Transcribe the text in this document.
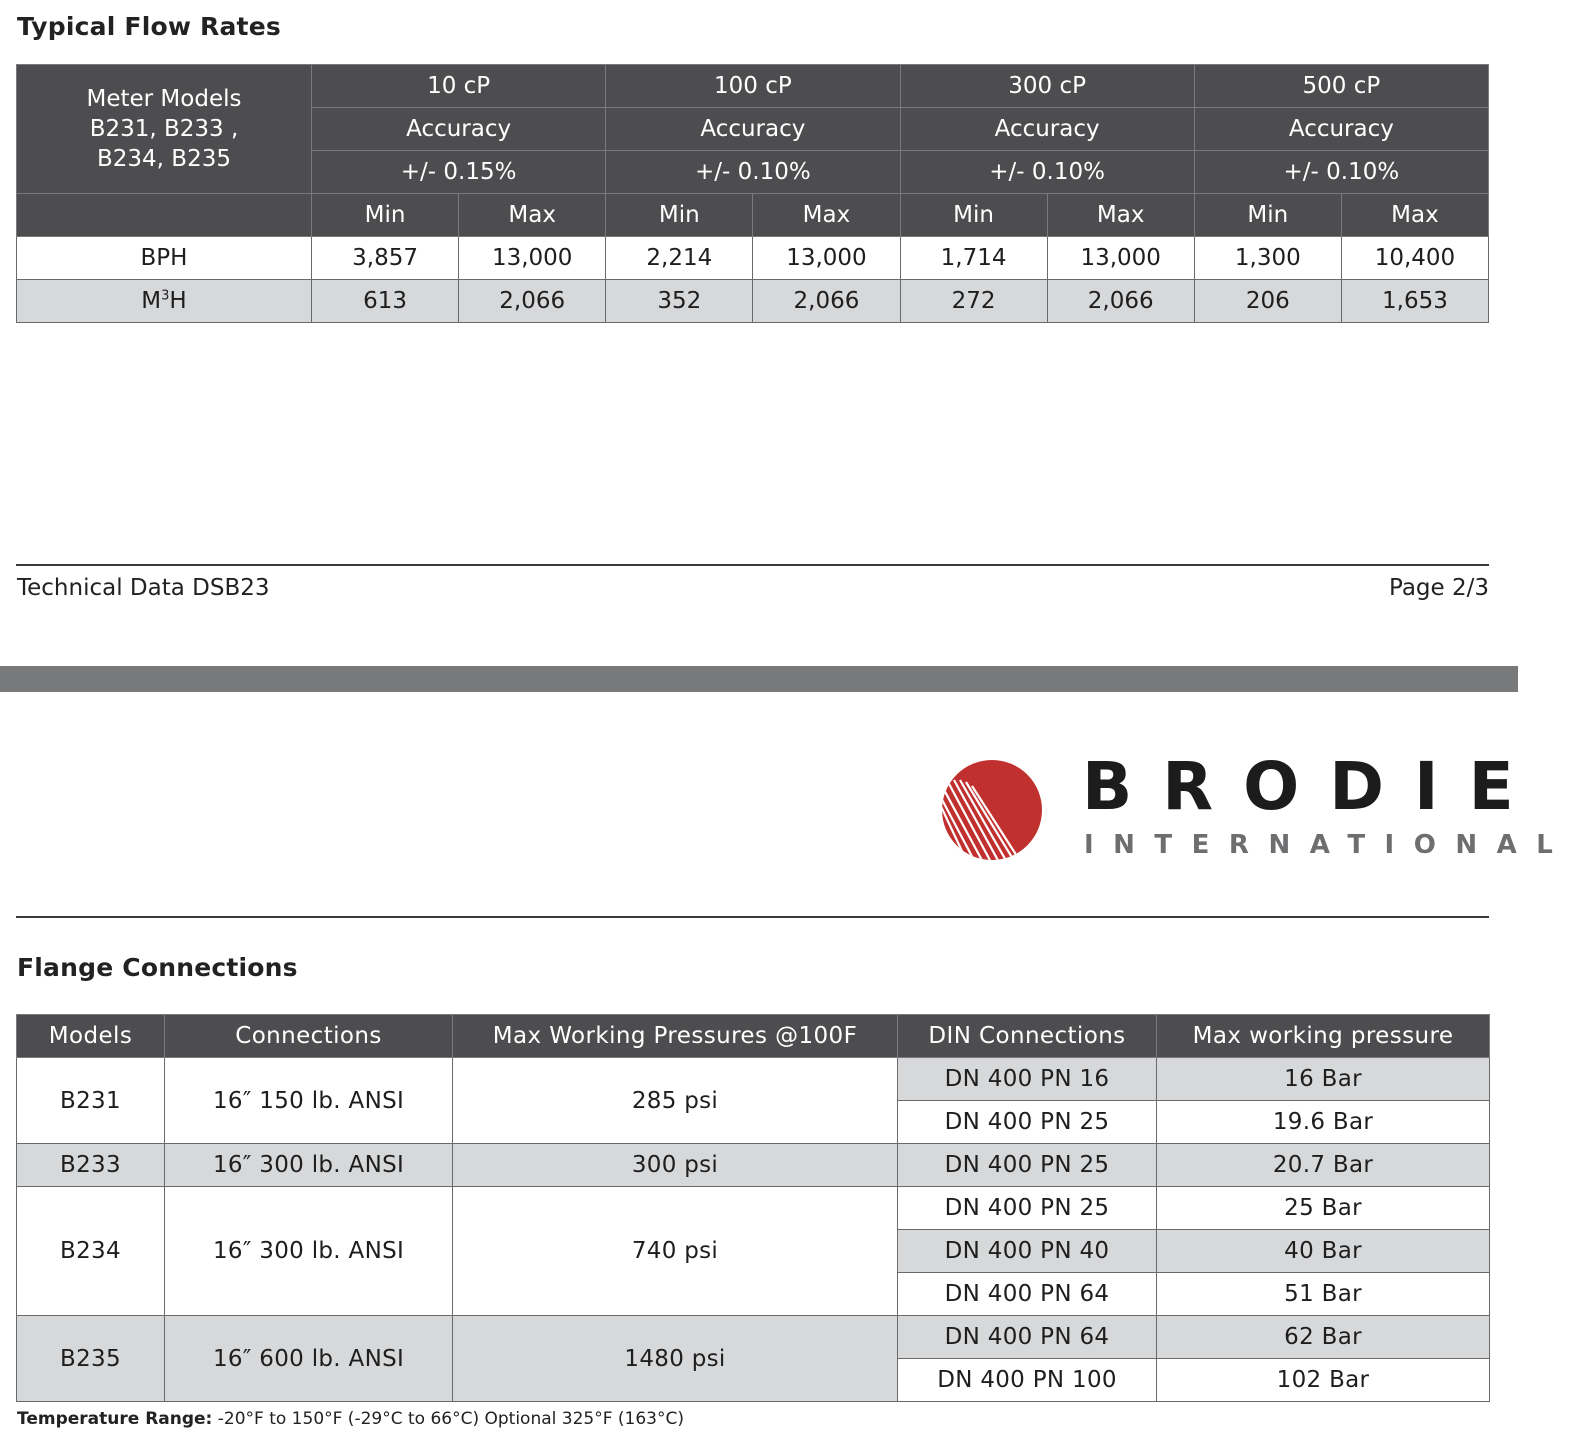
Typical Flow Rates
Meter Models
B231, B233 ,
B234, B235	10 cP		100 cP		300 cP		500 cP	
	Accuracy		Accuracy		Accuracy		Accuracy	
	+/- 0.15%		+/- 0.10%		+/- 0.10%		+/- 0.10%	
	Min	Max	Min	Max	Min	Max	Min	Max
BPH	3,857	13,000	2,214	13,000	1,714	13,000	1,300	10,400
$M^3H$	613	2,066	352	2,066	272	2,066	206	1,653
Technical Data DSB23	Page 2/3
BRODIE
INTERNATIONAL
Flange Connections
Models	Connections	Max Working Pressures @100F	DIN Connections	Max working pressure
B231	16″ 150 lb. ANSI	285 psi	DN 400 PN 16	16 Bar
			DN 400 PN 25	19.6 Bar
B233	16″ 300 lb. ANSI	300 psi	DN 400 PN 25	20.7 Bar
B234	16″ 300 lb. ANSI	740 psi	DN 400 PN 25	25 Bar
			DN 400 PN 40	40 Bar
			DN 400 PN 64	51 Bar
B235	16″ 600 lb. ANSI	1480 psi	DN 400 PN 64	62 Bar
			DN 400 PN 100	102 Bar
Temperature Range: -20°F to 150°F (-29°C to 66°C) Optional 325°F (163°C)
